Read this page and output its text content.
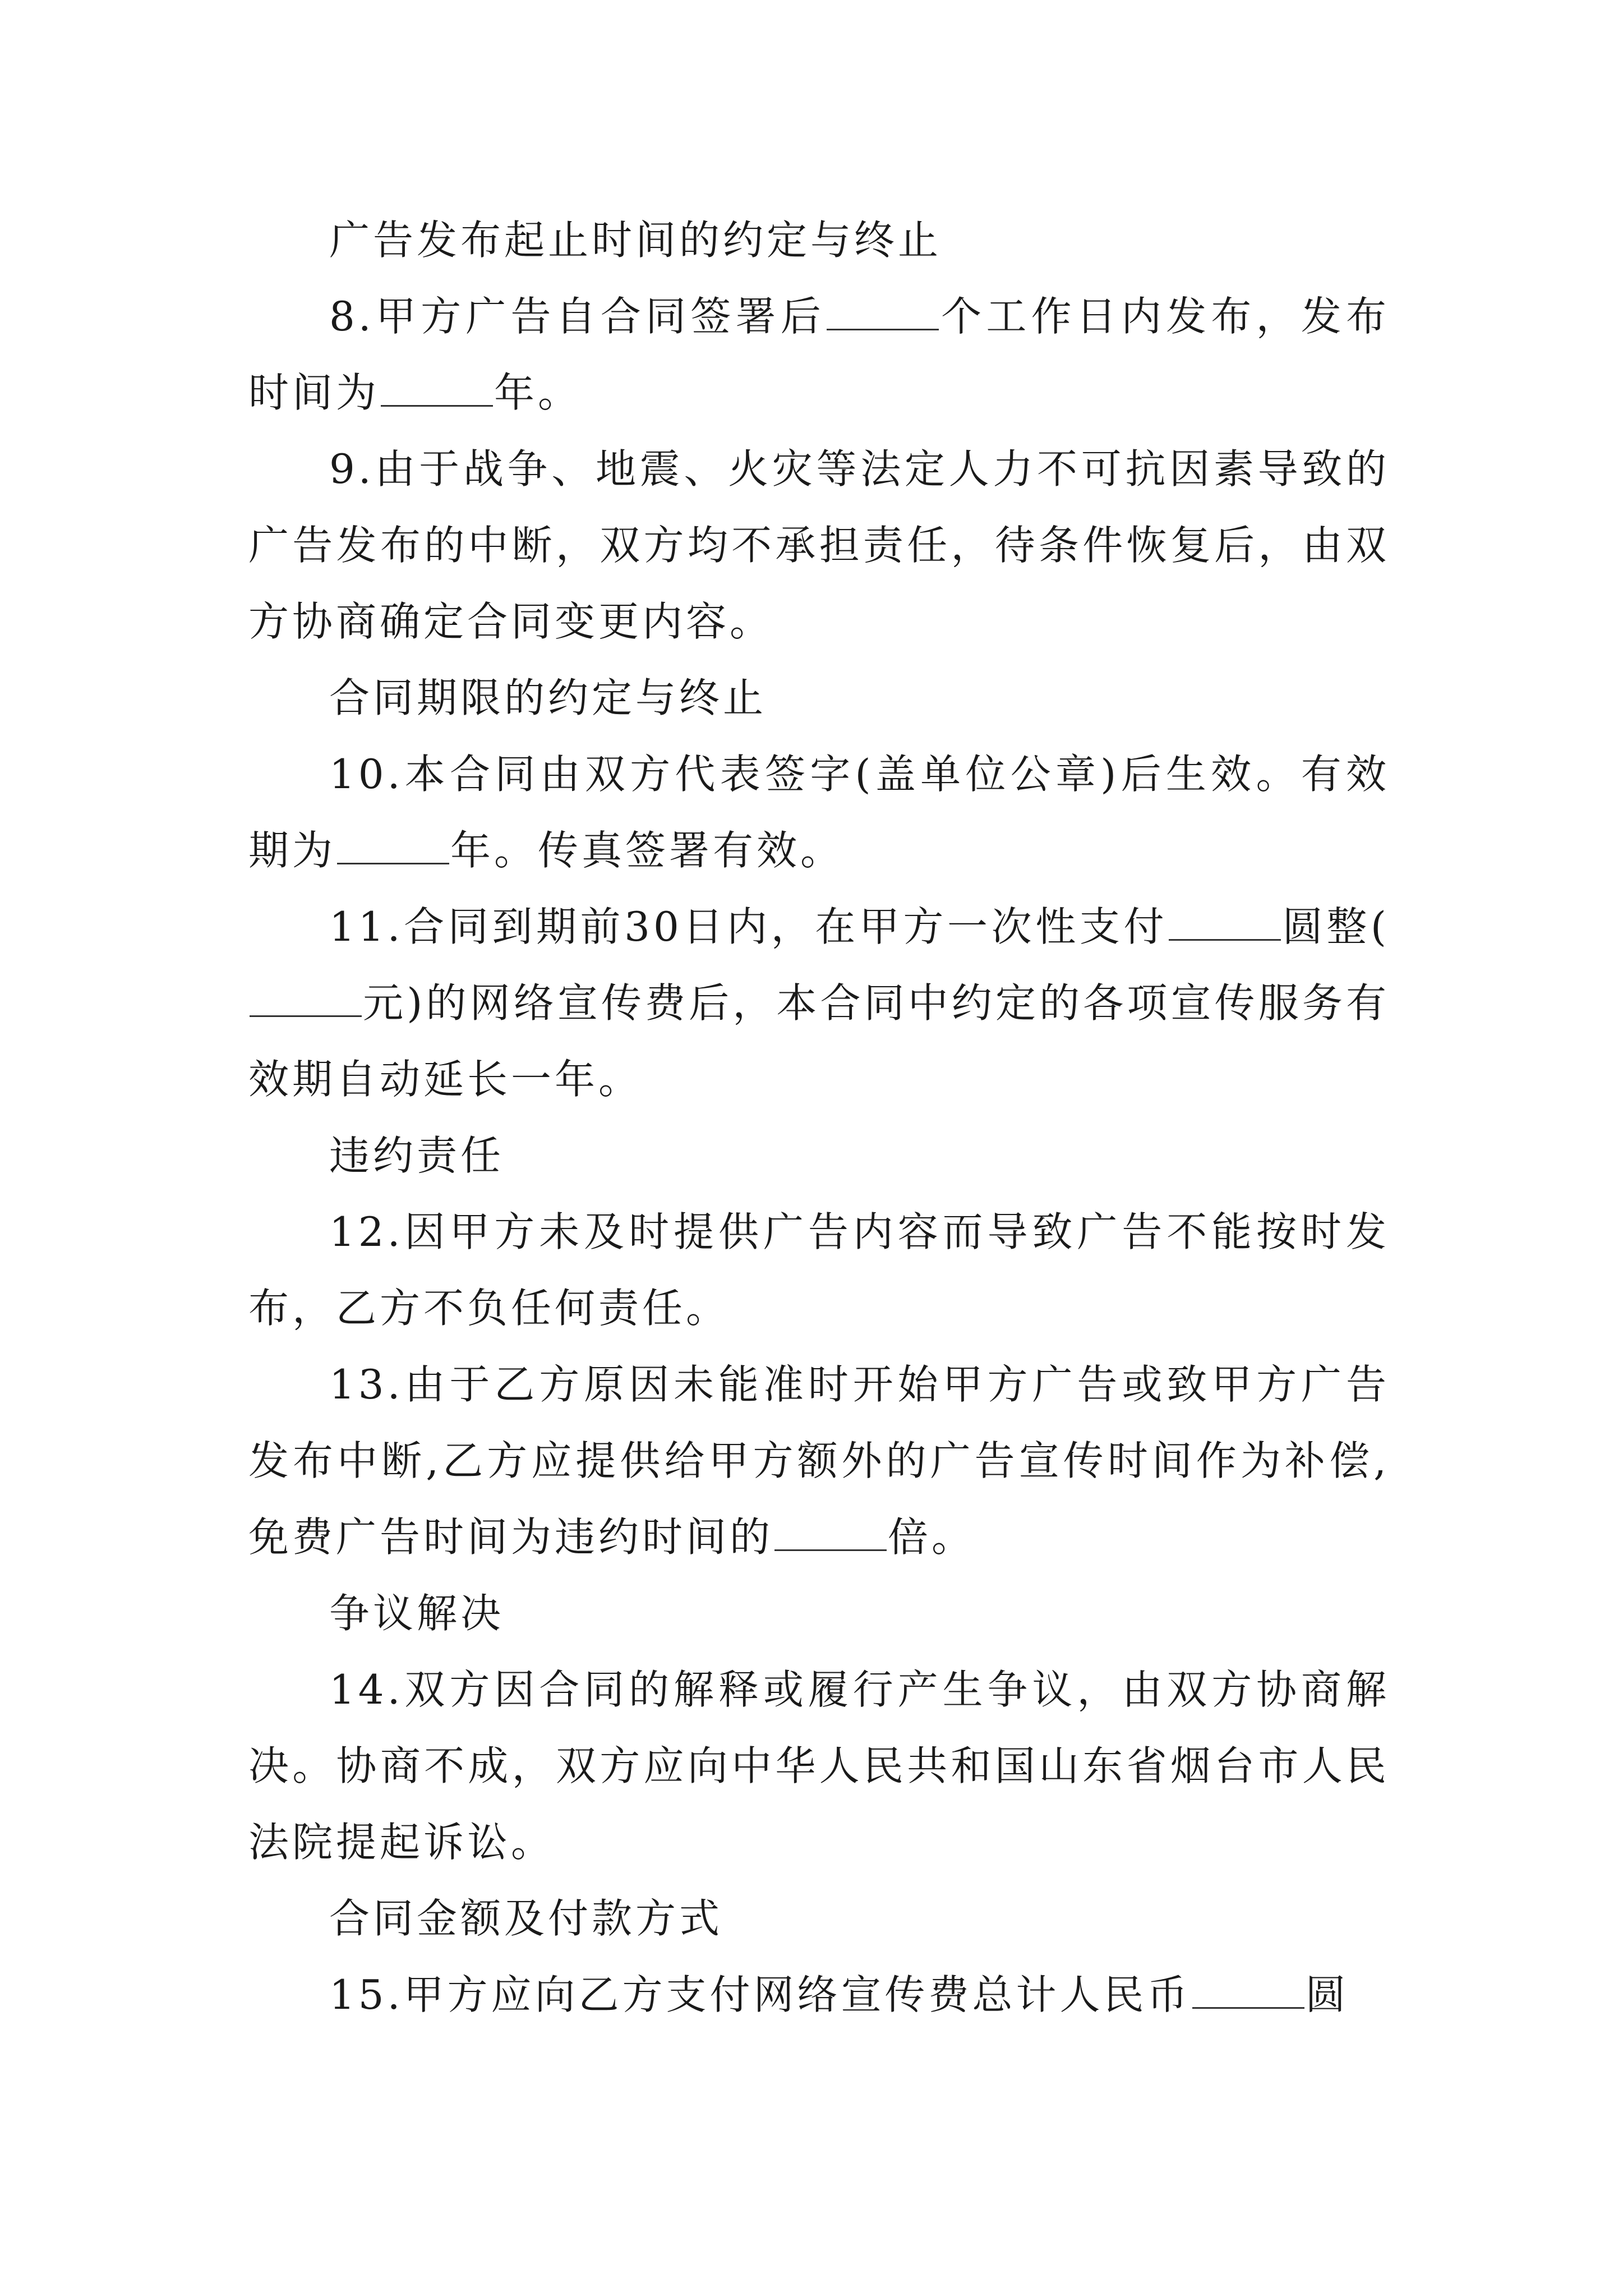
广告发布起止时间的约定与终止

8.甲方广告自合同签署后	个工作日内发布，发布时间为	年。

9.由于战争、地震、火灾等法定人力不可抗因素导致的广告发布的中断，双方均不承担责任，待条件恢复后，由双方协商确定合同变更内容。

合同期限的约定与终止

10.本合同由双方代表签字(盖单位公章)后生效。有效期为	年。传真签署有效。

11.合同到期前30日内，在甲方一次性支付	圆整(元)的网络宣传费后，本合同中约定的各项宣传服务有效期自动延长一年。

违约责任

12.因甲方未及时提供广告内容而导致广告不能按时发布，乙方不负任何责任。

13.由于乙方原因未能准时开始甲方广告或致甲方广告发布中断,乙方应提供给甲方额外的广告宣传时间作为补偿,免费广告时间为违约时间的	倍。

争议解决

14.双方因合同的解释或履行产生争议，由双方协商解决。协商不成，双方应向中华人民共和国山东省烟台市人民法院提起诉讼。

合同金额及付款方式

15.甲方应向乙方支付网络宣传费总计人民币	圆
